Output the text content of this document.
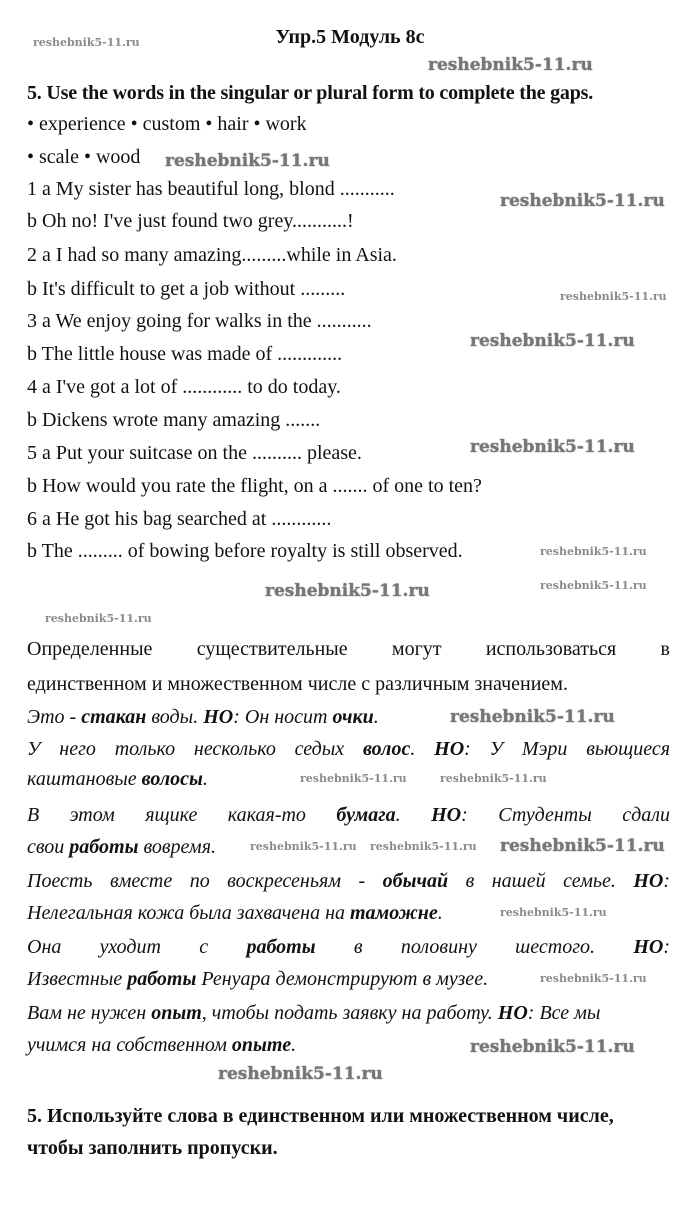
Упр.5 Модуль 8с
5. Use the words in the singular or plural form to complete the gaps.
• experience • custom • hair • work
• scale • wood
1 a My sister has beautiful long, blond ...........
b Oh no! I've just found two grey...........!
2 a I had so many amazing.........while in Asia.
b It's difficult to get a job without .........
3 a We enjoy going for walks in the ...........
b The little house was made of .............
4 a I've got a lot of ............ to do today.
b Dickens wrote many amazing .......
5 a Put your suitcase on the .......... please.
b How would you rate the flight, on a ....... of one to ten?
6 a He got his bag searched at ............
b The ......... of bowing before royalty is still observed.
Определенные существительные могут использоваться в
единственном и множественном числе с различным значением.
Это - стакан воды. НО: Он носит очки.
У него только несколько седых волос. НО: У Мэри вьющиеся
каштановые волосы.
В этом ящике какая-то бумага. НО: Студенты сдали
свои работы вовремя.
Поесть вместе по воскресеньям - обычай в нашей семье. НО:
Нелегальная кожа была захвачена на таможне.
Она уходит с работы в половину шестого. НО:
Известные работы Ренуара демонстрируют в музее.
Вам не нужен опыт, чтобы подать заявку на работу. НО: Все мы
учимся на собственном опыте.
5. Используйте слова в единственном или множественном числе,
чтобы заполнить пропуски.
reshebnik5-11.ru
reshebnik5-11.ru
reshebnik5-11.ru
reshebnik5-11.ru
reshebnik5-11.ru
reshebnik5-11.ru
reshebnik5-11.ru
reshebnik5-11.ru
reshebnik5-11.ru	reshebnik5-11.ru
reshebnik5-11.ru
reshebnik5-11.ru
reshebnik5-11.ru	reshebnik5-11.ru
reshebnik5-11.ru reshebnik5-11.ru reshebnik5-11.ru
reshebnik5-11.ru
reshebnik5-11.ru
reshebnik5-11.ru
reshebnik5-11.ru
